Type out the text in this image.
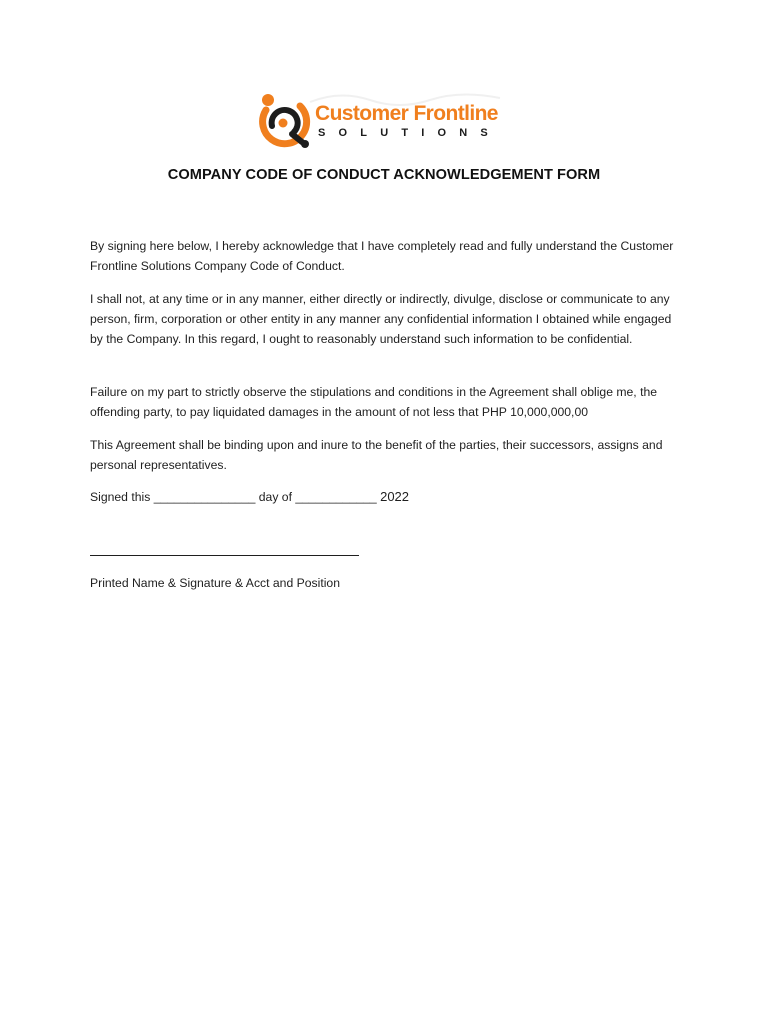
Customer Frontline
SOLUTIONS
COMPANY CODE OF CONDUCT ACKNOWLEDGEMENT FORM
By signing here below, I hereby acknowledge that I have completely read and fully understand the Customer Frontline Solutions Company Code of Conduct.
I shall not, at any time or in any manner, either directly or indirectly, divulge, disclose or communicate to any person, firm, corporation or other entity in any manner any confidential information I obtained while engaged by the Company. In this regard, I ought to reasonably understand such information to be confidential.
Failure on my part to strictly observe the stipulations and conditions in the Agreement shall oblige me, the offending party, to pay liquidated damages in the amount of not less that PHP 10,000,000,00
This Agreement shall be binding upon and inure to the benefit of the parties, their successors, assigns and personal representatives.
Signed this _______________ day of ____________ 2022
Printed Name & Signature & Acct and Position
